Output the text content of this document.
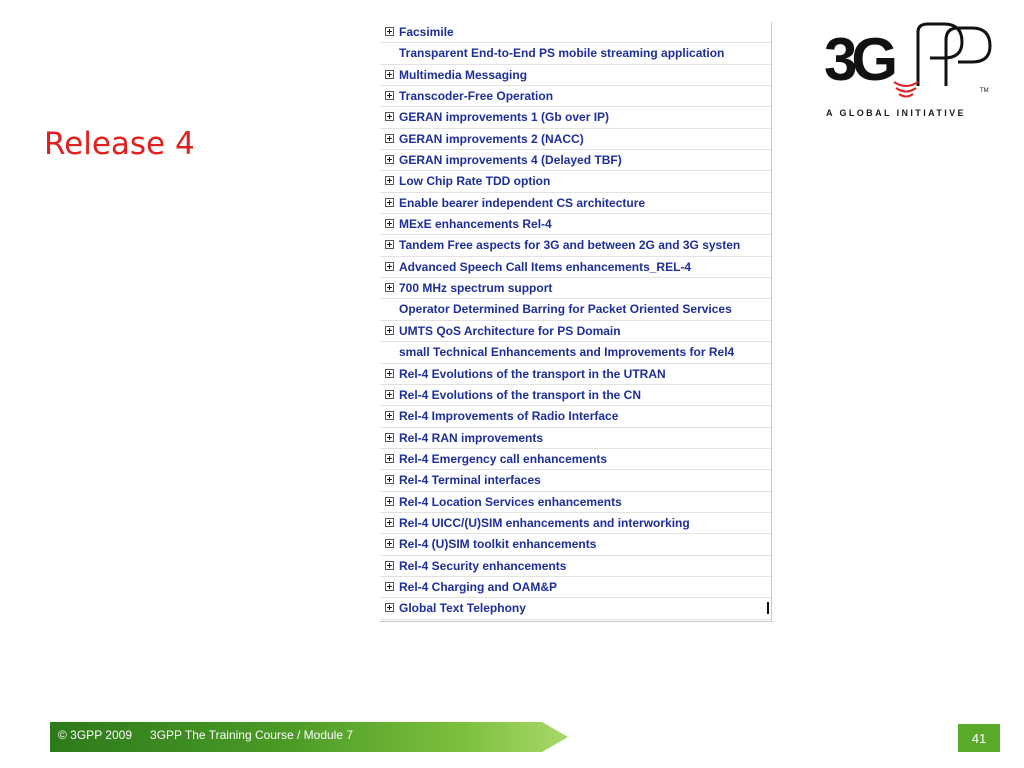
Release 4
3G	TM
A GLOBAL INITIATIVE
Facsimile
Transparent End-to-End PS mobile streaming application
Multimedia Messaging
Transcoder-Free Operation
GERAN improvements 1 (Gb over IP)
GERAN improvements 2 (NACC)
GERAN improvements 4 (Delayed TBF)
Low Chip Rate TDD option
Enable bearer independent CS architecture
MExE enhancements Rel-4
Tandem Free aspects for 3G and between 2G and 3G systen
Advanced Speech Call Items enhancements_REL-4
700 MHz spectrum support
Operator Determined Barring for Packet Oriented Services
UMTS QoS Architecture for PS Domain
small Technical Enhancements and Improvements for Rel4
Rel-4 Evolutions of the transport in the UTRAN
Rel-4 Evolutions of the transport in the CN
Rel-4 Improvements of Radio Interface
Rel-4 RAN improvements
Rel-4 Emergency call enhancements
Rel-4 Terminal interfaces
Rel-4 Location Services enhancements
Rel-4 UICC/(U)SIM enhancements and interworking
Rel-4 (U)SIM toolkit enhancements
Rel-4 Security enhancements
Rel-4 Charging and OAM&P
Global Text Telephony
© 3GPP 2009 3GPP The Training Course / Module 7	41
